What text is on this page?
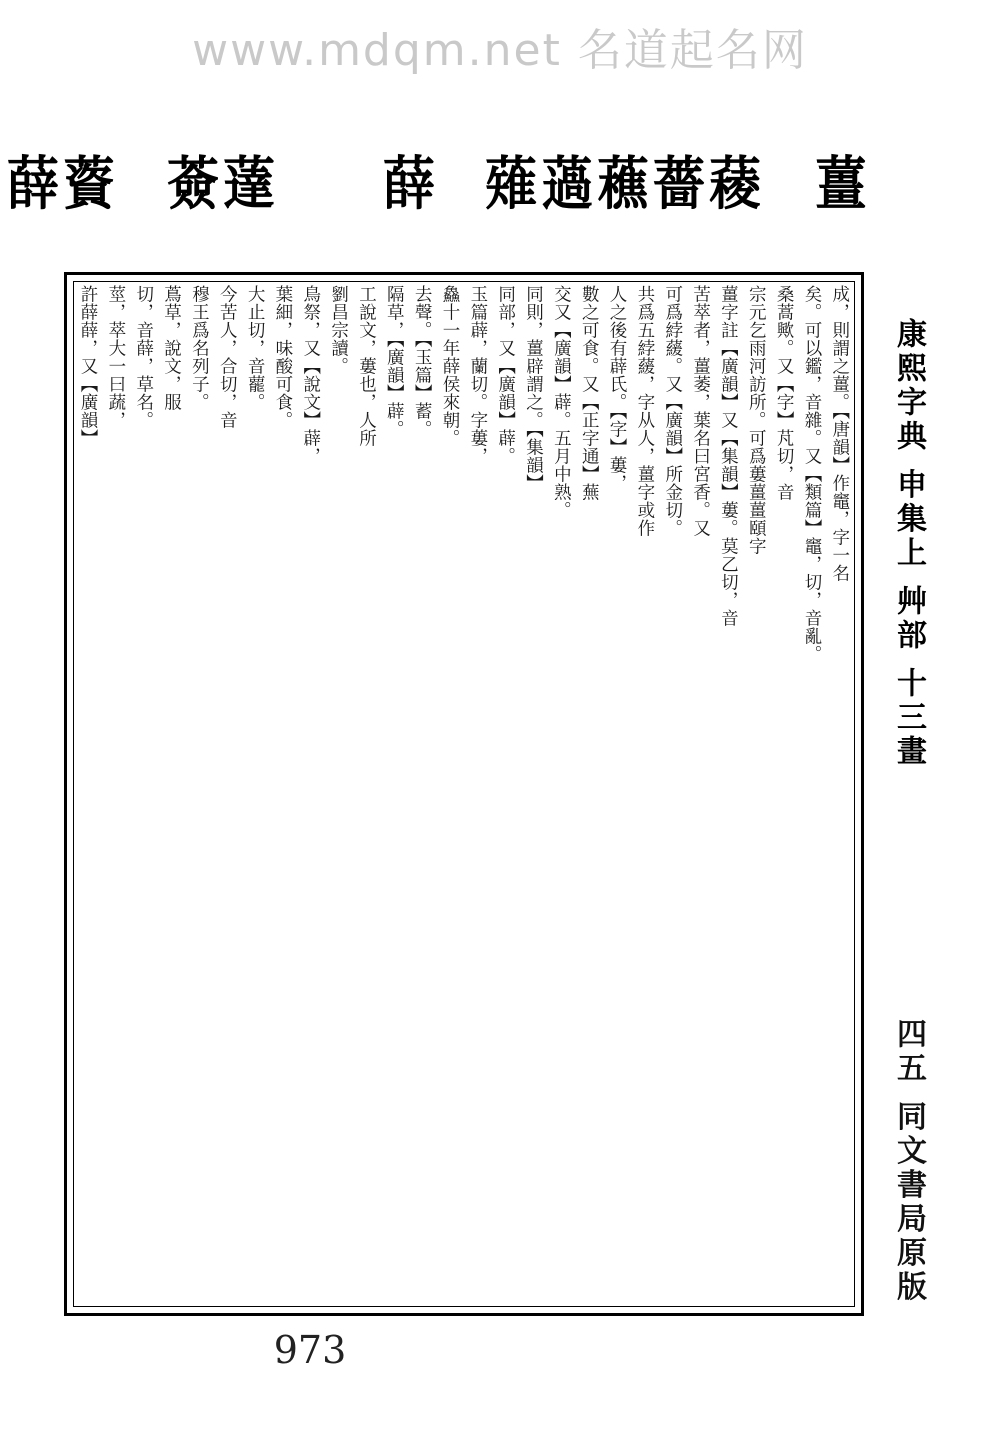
www.mdqm.net 名道起名网
薑
薐
薔
藮
薖
薙
薛
薘
薟
薋
薛
成，則謂之薑。【唐韻】作竈，字一名
矣。可以鑑，音雜。又【類篇】竈，切，音亂。
桑蒿歟。又【字】芃切，音
宗元乞雨河訪所。可爲蔞薑薑頤字
薑字註【廣韻】又【集韻】蔞。莫乙切，音
苦萃者，薑萎，葉名曰宮香。又
可爲綍藧。又【廣韻】所金切。
共爲五綍藧，字从人，薑字或作
人之後有薜氏。【字】蔞，
數之可食。又【正字通】蕪
交又【廣韻】薜。五月中熟。
同則，薑辟謂之。【集韻】
同部，又【廣韻】薜。
玉篇薜，蘭切。字蔞，
鱻十一年薛侯來朝。
去聲。【玉篇】蓄。
隔草，【廣韻】薜。
工說文，蔞也，人所
劉昌宗讀。
鳥祭，又【說文】薜，
葉細，味酸可食。
大止切，音藣。
今苦人，合切，音
穆王爲名列子。
蔦草，說文，服
切，音薛，草名。
莖，萃大一曰蔬，
許薛薛，又【廣韻】	康熙字典 申集上 艸部 十三畫
四五 同文書局原版
973
